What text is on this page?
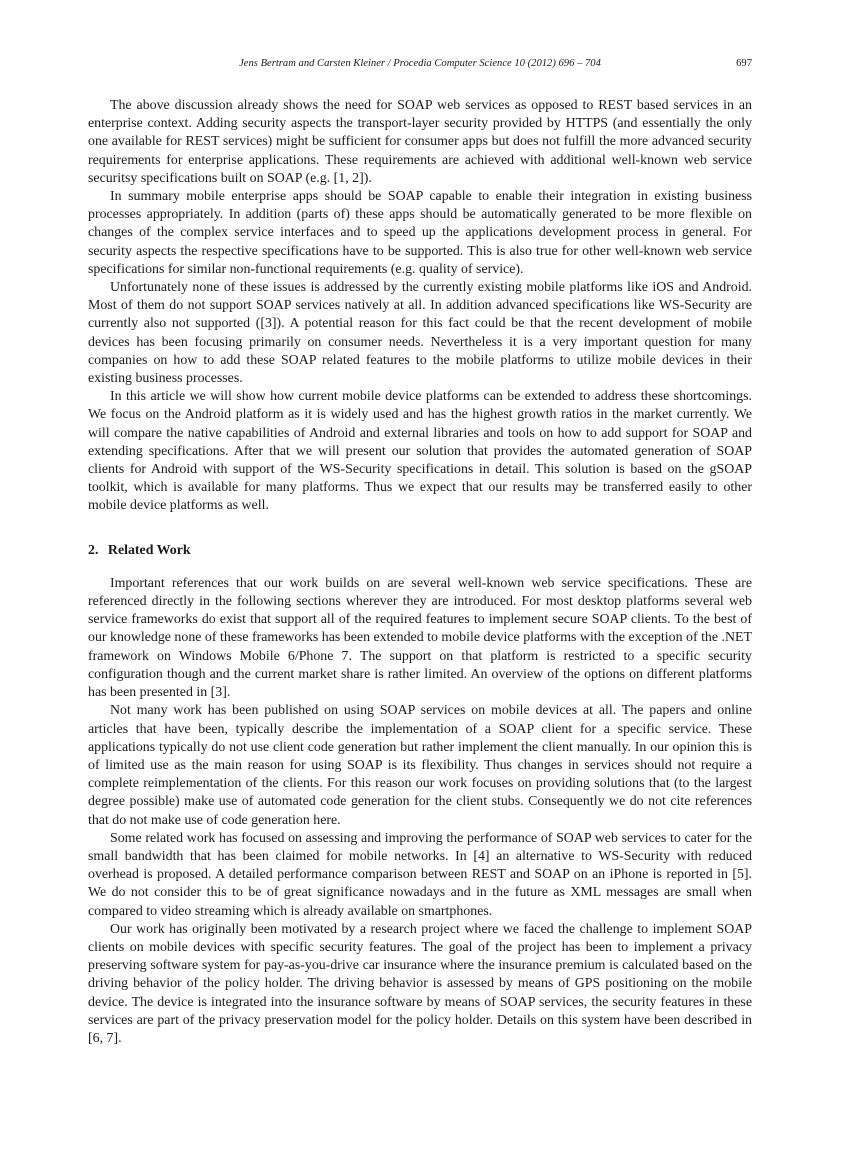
Jens Bertram and Carsten Kleiner / Procedia Computer Science 10 (2012) 696 – 704	697

The above discussion already shows the need for SOAP web services as opposed to REST based services in an enterprise context. Adding security aspects the transport-layer security provided by HTTPS (and essentially the only one available for REST services) might be sufficient for consumer apps but does not fulfill the more advanced security requirements for enterprise applications. These requirements are achieved with additional well-known web service securitsy specifications built on SOAP (e.g. [1, 2]).

In summary mobile enterprise apps should be SOAP capable to enable their integration in existing business processes appropriately. In addition (parts of) these apps should be automatically generated to be more flexible on changes of the complex service interfaces and to speed up the applications development process in general. For security aspects the respective specifications have to be supported. This is also true for other well-known web service specifications for similar non-functional requirements (e.g. quality of service).

Unfortunately none of these issues is addressed by the currently existing mobile platforms like iOS and Android. Most of them do not support SOAP services natively at all. In addition advanced specifications like WS-Security are currently also not supported ([3]). A potential reason for this fact could be that the recent development of mobile devices has been focusing primarily on consumer needs. Nevertheless it is a very important question for many companies on how to add these SOAP related features to the mobile platforms to utilize mobile devices in their existing business processes.

In this article we will show how current mobile device platforms can be extended to address these shortcomings. We focus on the Android platform as it is widely used and has the highest growth ratios in the market currently. We will compare the native capabilities of Android and external libraries and tools on how to add support for SOAP and extending specifications. After that we will present our solution that provides the automated generation of SOAP clients for Android with support of the WS-Security specifications in detail. This solution is based on the gSOAP toolkit, which is available for many platforms. Thus we expect that our results may be transferred easily to other mobile device platforms as well.

2. Related Work

Important references that our work builds on are several well-known web service specifications. These are referenced directly in the following sections wherever they are introduced. For most desktop platforms several web service frameworks do exist that support all of the required features to implement secure SOAP clients. To the best of our knowledge none of these frameworks has been extended to mobile device platforms with the exception of the .NET framework on Windows Mobile 6/Phone 7. The support on that platform is restricted to a specific security configuration though and the current market share is rather limited. An overview of the options on different platforms has been presented in [3].

Not many work has been published on using SOAP services on mobile devices at all. The papers and online articles that have been, typically describe the implementation of a SOAP client for a specific service. These applications typically do not use client code generation but rather implement the client manually. In our opinion this is of limited use as the main reason for using SOAP is its flexibility. Thus changes in services should not require a complete reimplementation of the clients. For this reason our work focuses on providing solutions that (to the largest degree possible) make use of automated code generation for the client stubs. Consequently we do not cite references that do not make use of code generation here.

Some related work has focused on assessing and improving the performance of SOAP web services to cater for the small bandwidth that has been claimed for mobile networks. In [4] an alternative to WS-Security with reduced overhead is proposed. A detailed performance comparison between REST and SOAP on an iPhone is reported in [5]. We do not consider this to be of great significance nowadays and in the future as XML messages are small when compared to video streaming which is already available on smartphones.

Our work has originally been motivated by a research project where we faced the challenge to implement SOAP clients on mobile devices with specific security features. The goal of the project has been to implement a privacy preserving software system for pay-as-you-drive car insurance where the insurance premium is calculated based on the driving behavior of the policy holder. The driving behavior is assessed by means of GPS positioning on the mobile device. The device is integrated into the insurance software by means of SOAP services, the security features in these services are part of the privacy preservation model for the policy holder. Details on this system have been described in [6, 7].
